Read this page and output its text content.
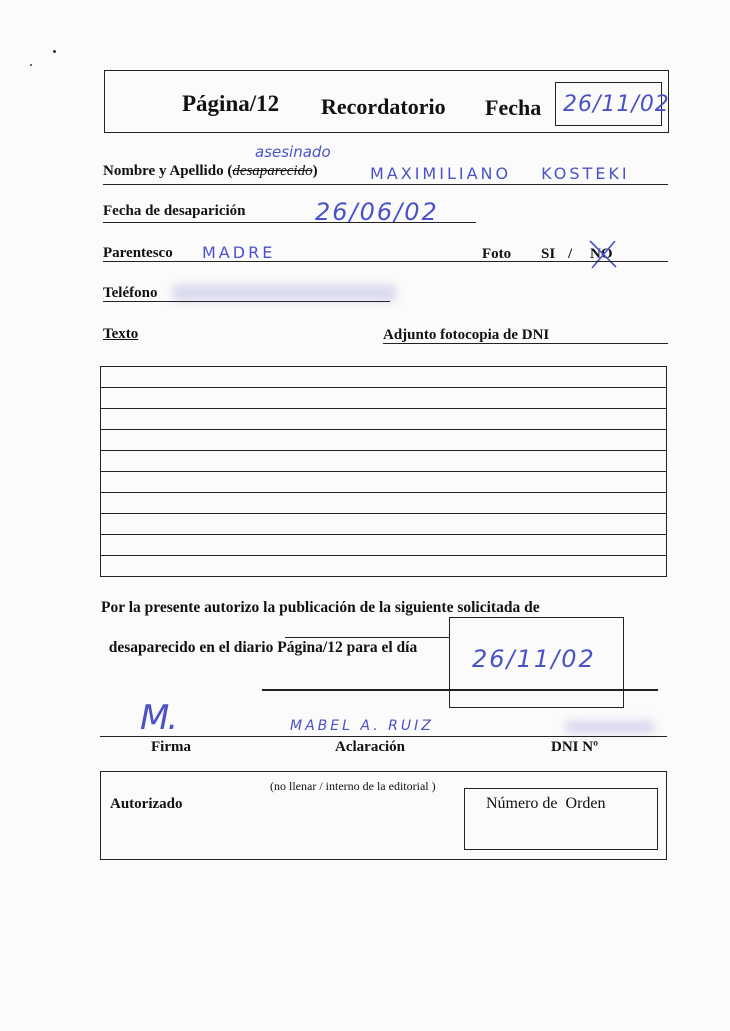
Página/12 Recordatorio Fecha 26/11/02
Nombre y Apellido (desaparecido)
asesinado
MAXIMILIANO KOSTEKI
Fecha de desaparición	26/06/02
Parentesco MADRE	Foto SI / NO
Teléfono
Texto	Adjunto fotocopia de DNI
Por la presente autorizo la publicación de la siguiente solicitada de

desaparecido en el diario Página/12 para el día 26/11/02
M.	MABEL A. RUIZ
Firma	Aclaración	DNI Nº
(no llenar / interno de la editorial )
Autorizado	Número de  Orden
